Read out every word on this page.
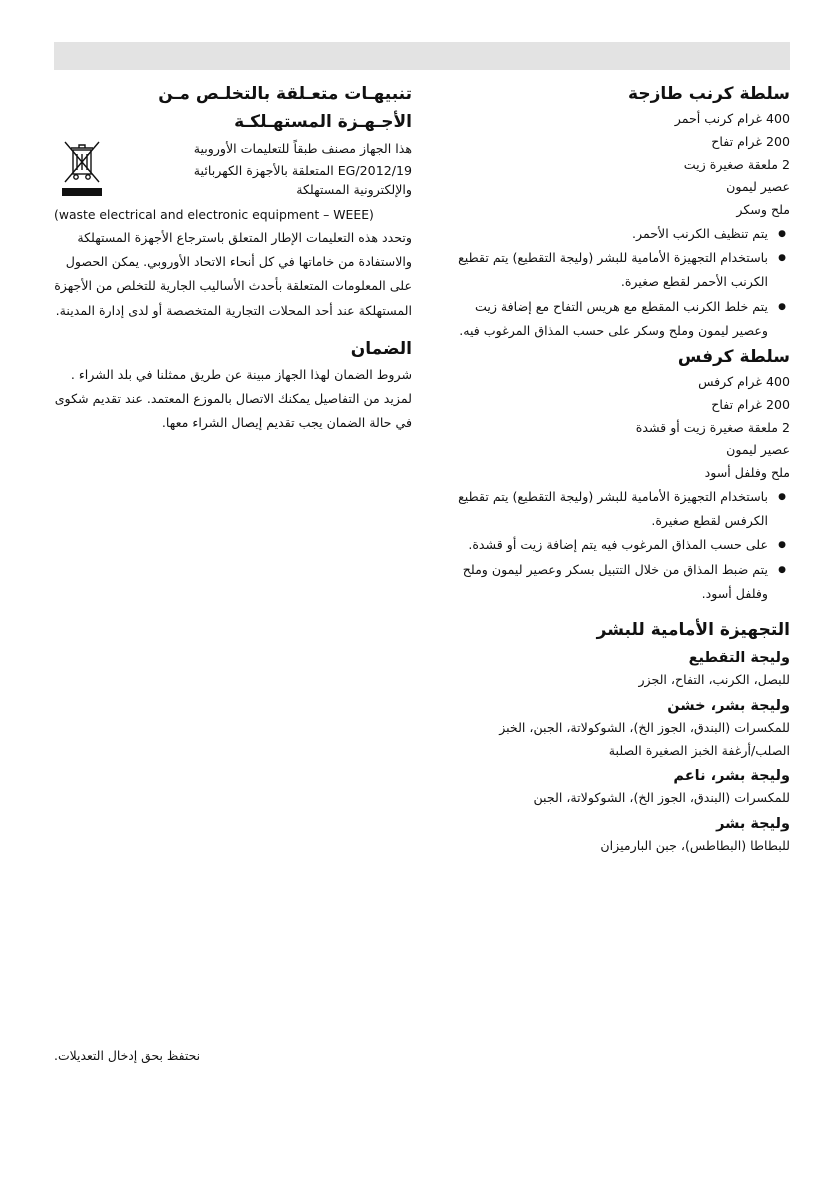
سلطة كرنب طازجة
400 غرام كرنب أحمر
200 غرام تفاح
2 ملعقة صغيرة زيت
عصير ليمون
ملح وسكر
● يتم تنظيف الكرنب الأحمر.
● باستخدام التجهيزة الأمامية للبشر (وليجة التقطيع) يتم تقطيع الكرنب الأحمر لقطع صغيرة.
● يتم خلط الكرنب المقطع مع هريس التفاح مع إضافة زيت وعصير ليمون وملح وسكر على حسب المذاق المرغوب فيه.
سلطة كرفس
400 غرام كرفس
200 غرام تفاح
2 ملعقة صغيرة زيت أو قشدة
عصير ليمون
ملح وفلفل أسود
● باستخدام التجهيزة الأمامية للبشر (وليجة التقطيع) يتم تقطيع الكرفس لقطع صغيرة.
● على حسب المذاق المرغوب فيه يتم إضافة زيت أو قشدة.
● يتم ضبط المذاق من خلال التتبيل بسكر وعصير ليمون وملح وفلفل أسود.
التجهيزة الأمامية للبشر
وليجة التقطيع
للبصل، الكرنب، التفاح، الجزر
وليجة بشر، خشن
للمكسرات (البندق، الجوز الخ)، الشوكولاتة، الجبن، الخبز
الصلب/أرغفة الخبز الصغيرة الصلبة
وليجة بشر، ناعم
للمكسرات (البندق، الجوز الخ)، الشوكولاتة، الجبن
وليجة بشر
للبطاطا (البطاطس)، جبن البارميزان
تنبيهـات متعـلقة بالتخلـص مـن
الأجـهـزة المستهـلكـة
هذا الجهاز مصنف طبقاً للتعليمات الأوروبية
2012/19/EG المتعلقة بالأجهزة الكهربائية
والإلكترونية المستهلكة
(waste electrical and electronic equipment – WEEE)
وتحدد هذه التعليمات الإطار المتعلق باسترجاع الأجهزة المستهلكة والاستفادة من خاماتها في كل أنحاء الاتحاد الأوروبي. يمكن الحصول على المعلومات المتعلقة بأحدث الأساليب الجارية للتخلص من الأجهزة المستهلكة عند أحد المحلات التجارية المتخصصة أو لدى إدارة المدينة.
الضمان
شروط الضمان لهذا الجهاز مبينة عن طريق ممثلنا في بلد الشراء . لمزيد من التفاصيل يمكنك الاتصال بالموزع المعتمد. عند تقديم شكوى في حالة الضمان يجب تقديم إيصال الشراء معها.
نحتفظ بحق إدخال التعديلات.
